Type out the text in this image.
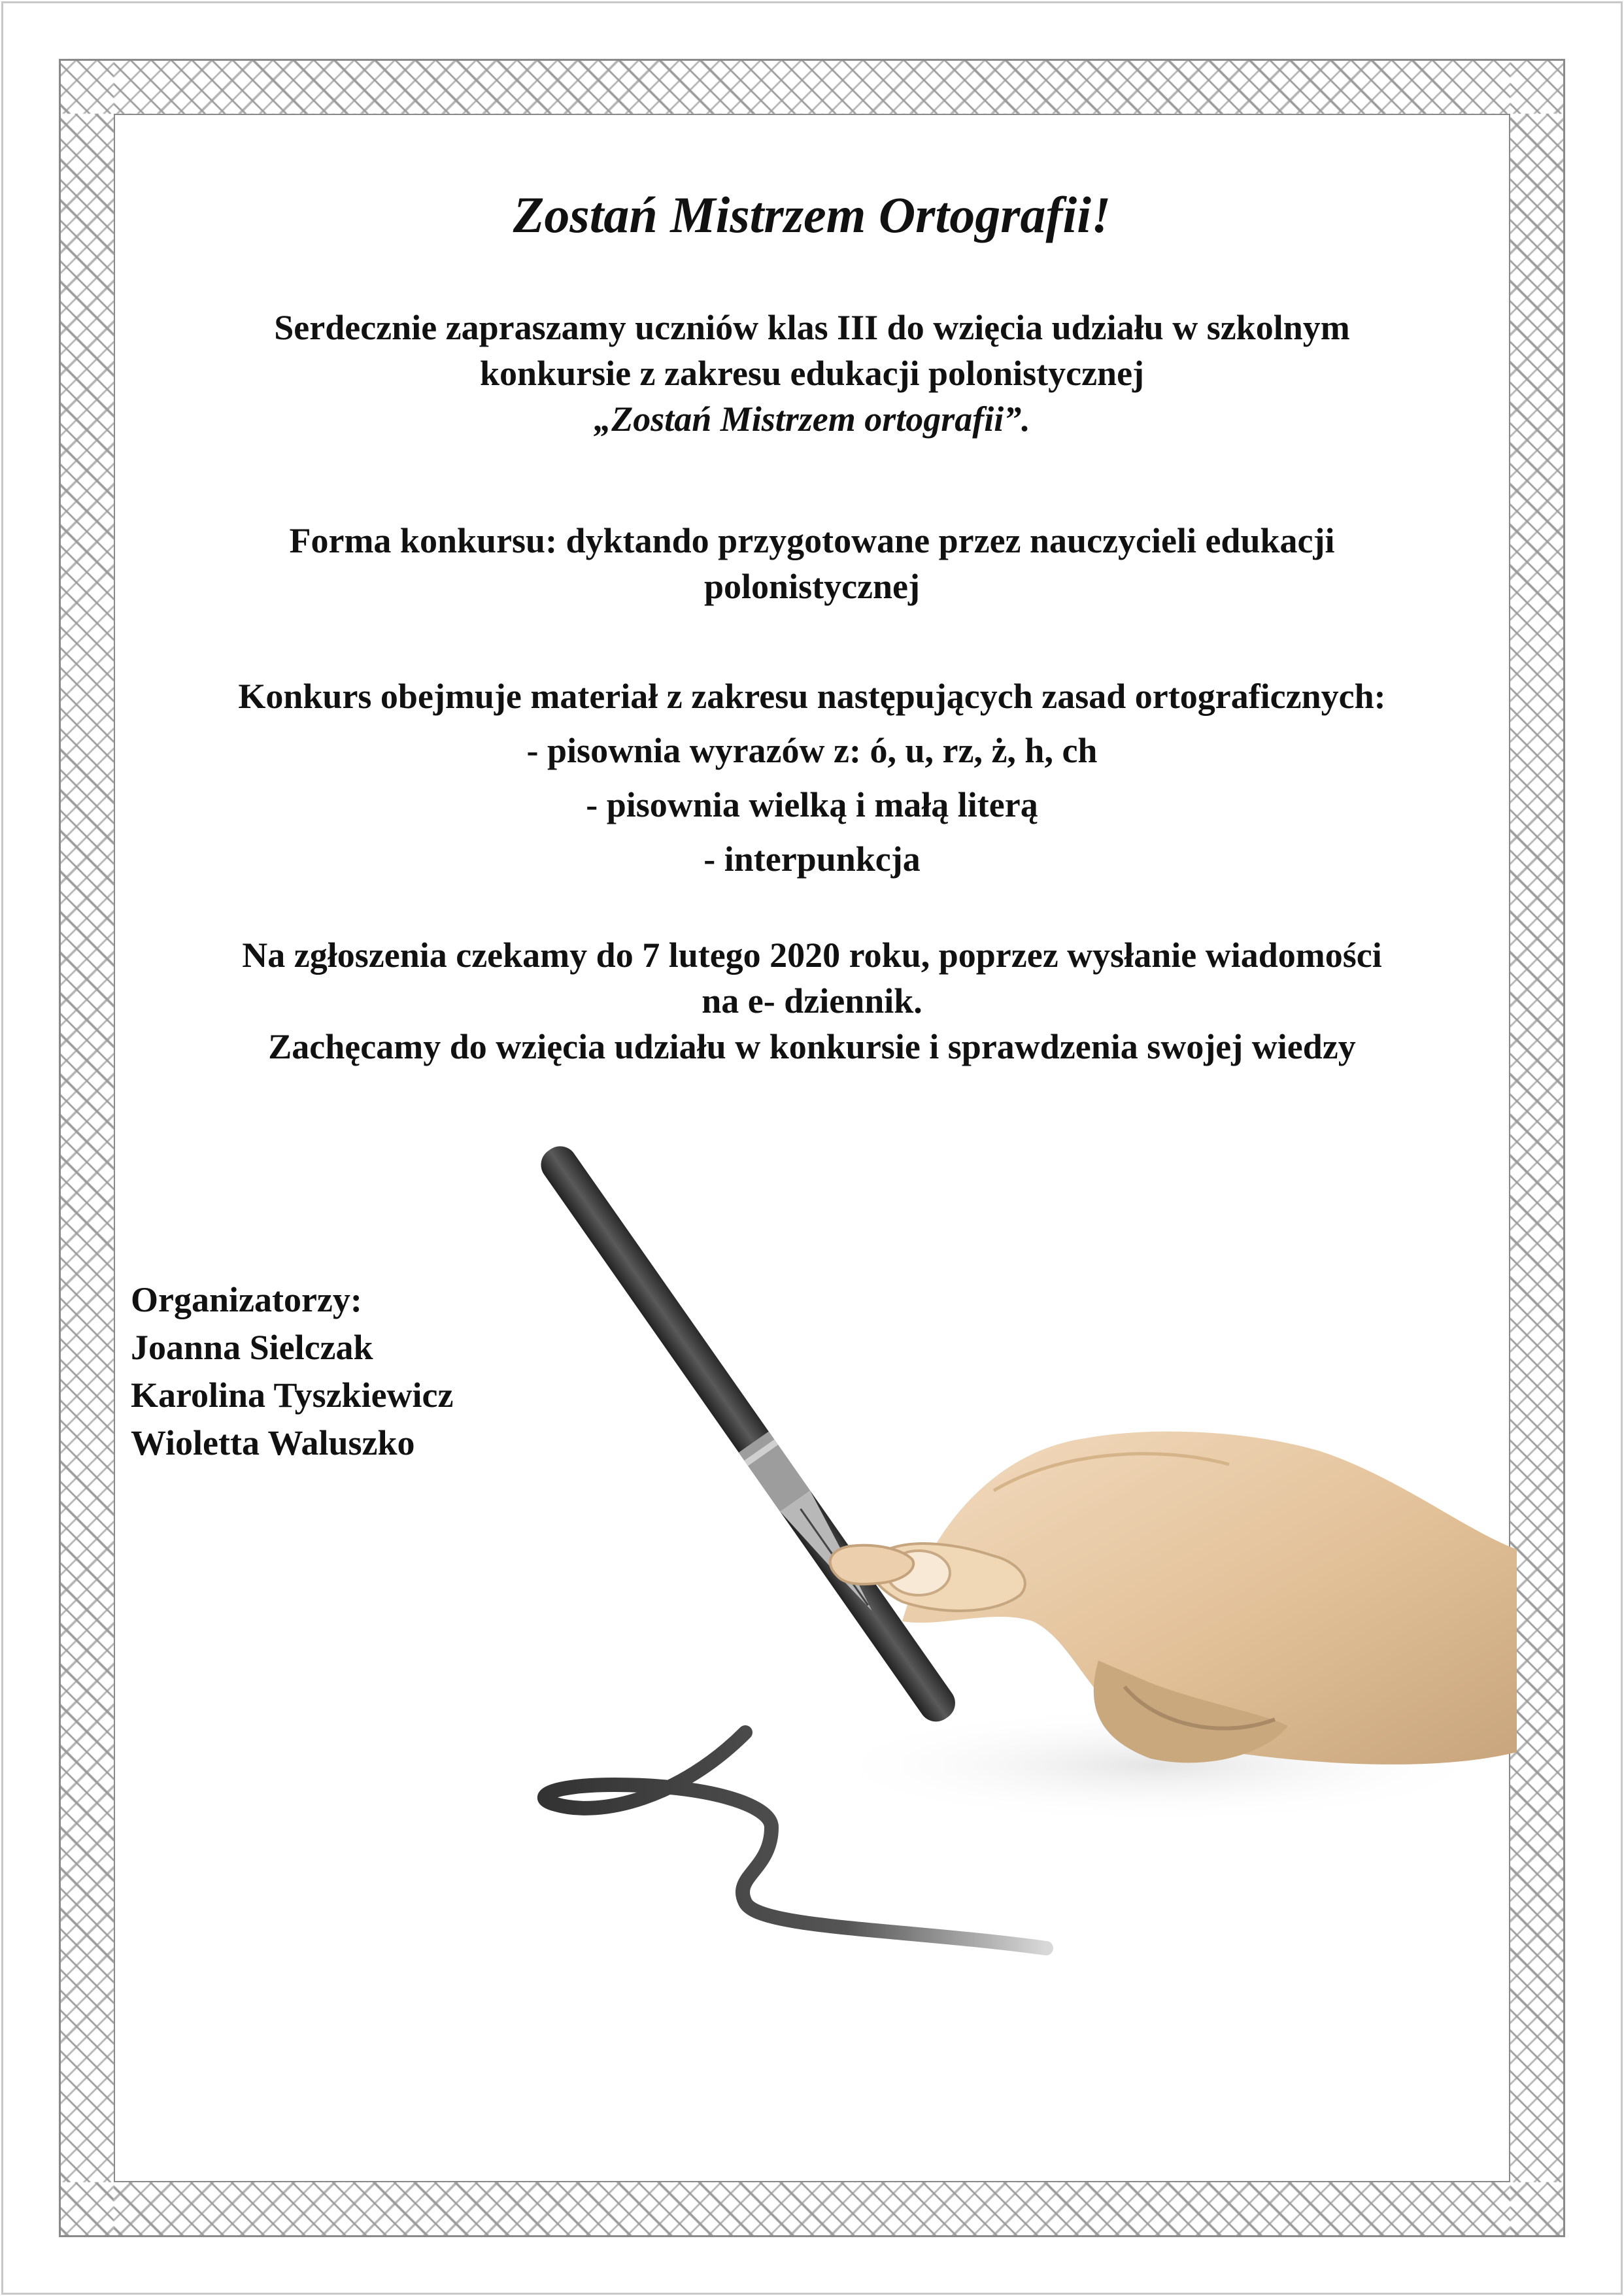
Zostań Mistrzem Ortografii!
Serdecznie zapraszamy uczniów klas III do wzięcia udziału w szkolnym
konkursie z zakresu edukacji polonistycznej
„Zostań Mistrzem ortografii”.
Forma konkursu: dyktando przygotowane przez nauczycieli edukacji
polonistycznej
Konkurs obejmuje materiał z zakresu następujących zasad ortograficznych:
- pisownia wyrazów z: ó, u, rz, ż, h, ch
- pisownia wielką i małą literą
- interpunkcja
Na zgłoszenia czekamy do 7 lutego 2020 roku, poprzez wysłanie wiadomości
na e- dziennik.
Zachęcamy do wzięcia udziału w konkursie i sprawdzenia swojej wiedzy
Organizatorzy:
Joanna Sielczak
Karolina Tyszkiewicz
Wioletta Waluszko
